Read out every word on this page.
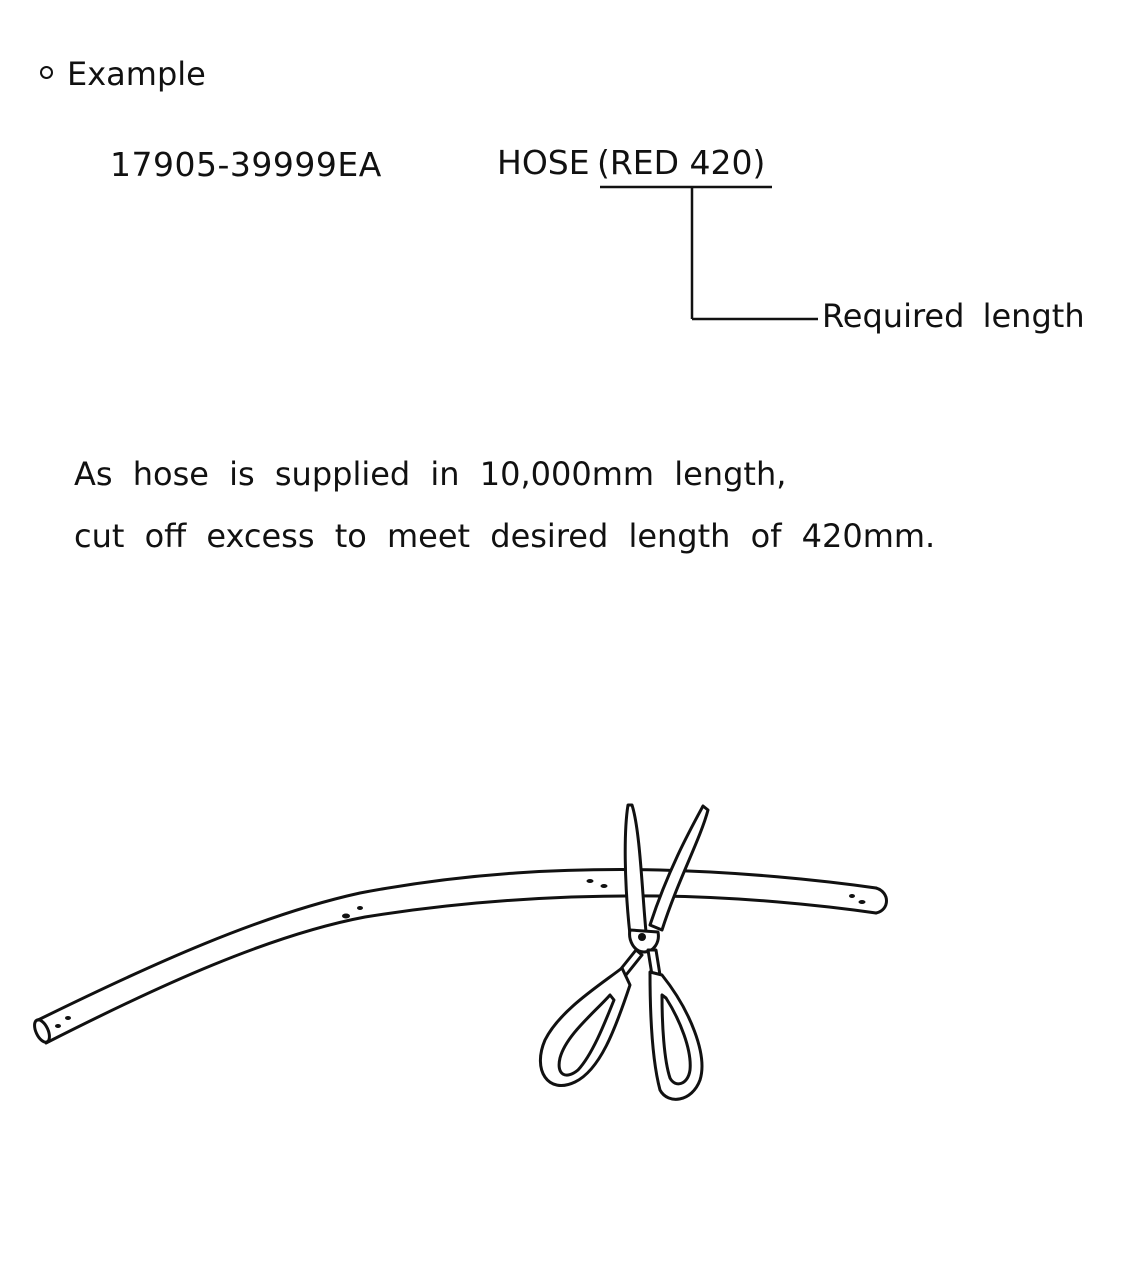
Example
17905-39999EA	HOSE (RED 420)
Required length
As hose is supplied in 10,000mm length,
cut off excess to meet desired length of 420mm.
